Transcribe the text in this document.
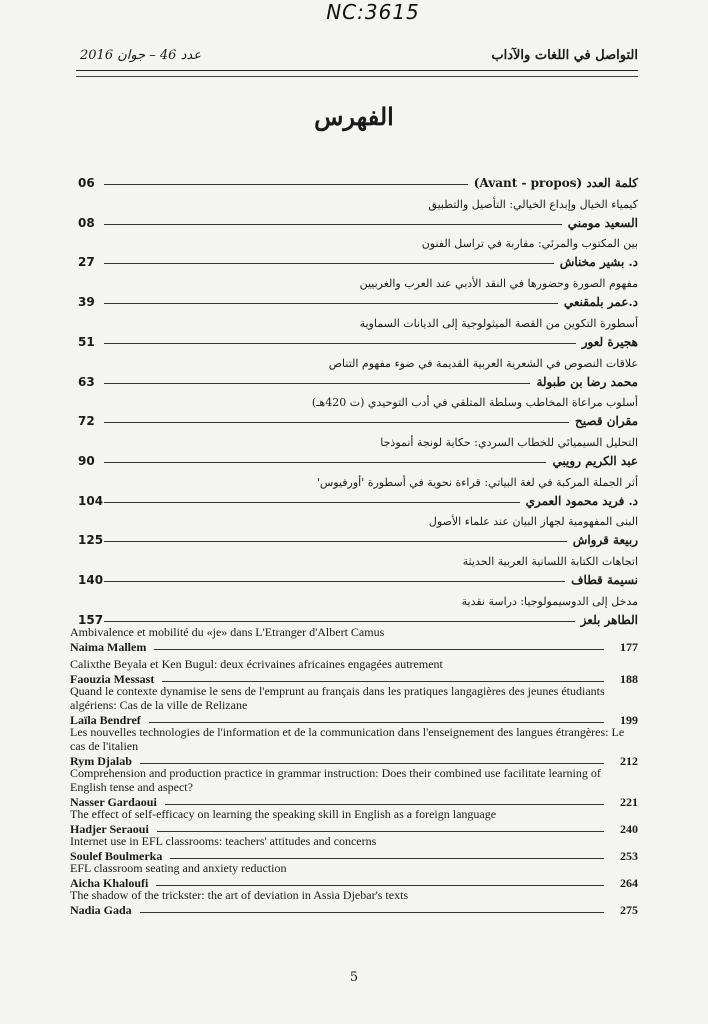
NC:3615
عدد 46 – جوان 2016	التواصل في اللغات والآداب
الفهرس
06	كلمة العدد (Avant - propos)
كيمياء الخيال وإبداع الخيالي: التأصيل والتطبيق
08	السعيد مومني
بين المكتوب والمرئي: مقاربة في تراسل الفنون
27	د. بشير مخناش
مفهوم الصورة وحضورها في النقد الأدبي عند العرب والغربيين
39	د.عمر بلمقنعي
أسطورة التكوين من القصة الميثولوجية إلى الديانات السماوية
51	هجيرة لعور
علاقات النصوص في الشعرية العربية القديمة في ضوء مفهوم التناص
63	محمد رضا بن طبولة
أسلوب مراعاة المخاطب وسلطة المتلقي في أدب التوحيدي (ت 420هـ)
72	مقران قصيح
التحليل السيميائي للخطاب السردي: حكاية لونجة أنموذجا
90	عبد الكريم رويبي
أثر الجملة المركبة في لغة البياتي: قراءة نحوية في أسطورة 'أورفيوس'
104	د. فريد محمود العمري
البنى المفهومية لجهاز البيان عند علماء الأصول
125	ربيعة قرواش
اتجاهات الكتابة اللسانية العربية الحديثة
140	نسيمة قطاف
مدخل إلى الدوسيمولوجيا: دراسة نقدية
157	الطاهر بلعز
Ambivalence et mobilité du «je» dans L'Etranger d'Albert Camus
Naima Mallem	177
Calixthe Beyala et Ken Bugul: deux écrivaines africaines engagées autrement
Faouzia Messast	188
Quand le contexte dynamise le sens de l'emprunt au français dans les pratiques langagières des jeunes étudiants algériens: Cas de la ville de Relizane
Laïla Bendref	199
Les nouvelles technologies de l'information et de la communication dans l'enseignement des langues étrangères: Le cas de l'italien
Rym Djalab	212
Comprehension and production practice in grammar instruction: Does their combined use facilitate learning of English tense and aspect?
Nasser Gardaoui	221
The effect of self-efficacy on learning the speaking skill in English as a foreign language
Hadjer Seraoui	240
Internet use in EFL classrooms: teachers' attitudes and concerns
Soulef Boulmerka	253
EFL classroom seating and anxiety reduction
Aicha Khaloufi	264
The shadow of the trickster: the art of deviation in Assia Djebar's texts
Nadia Gada	275
5
